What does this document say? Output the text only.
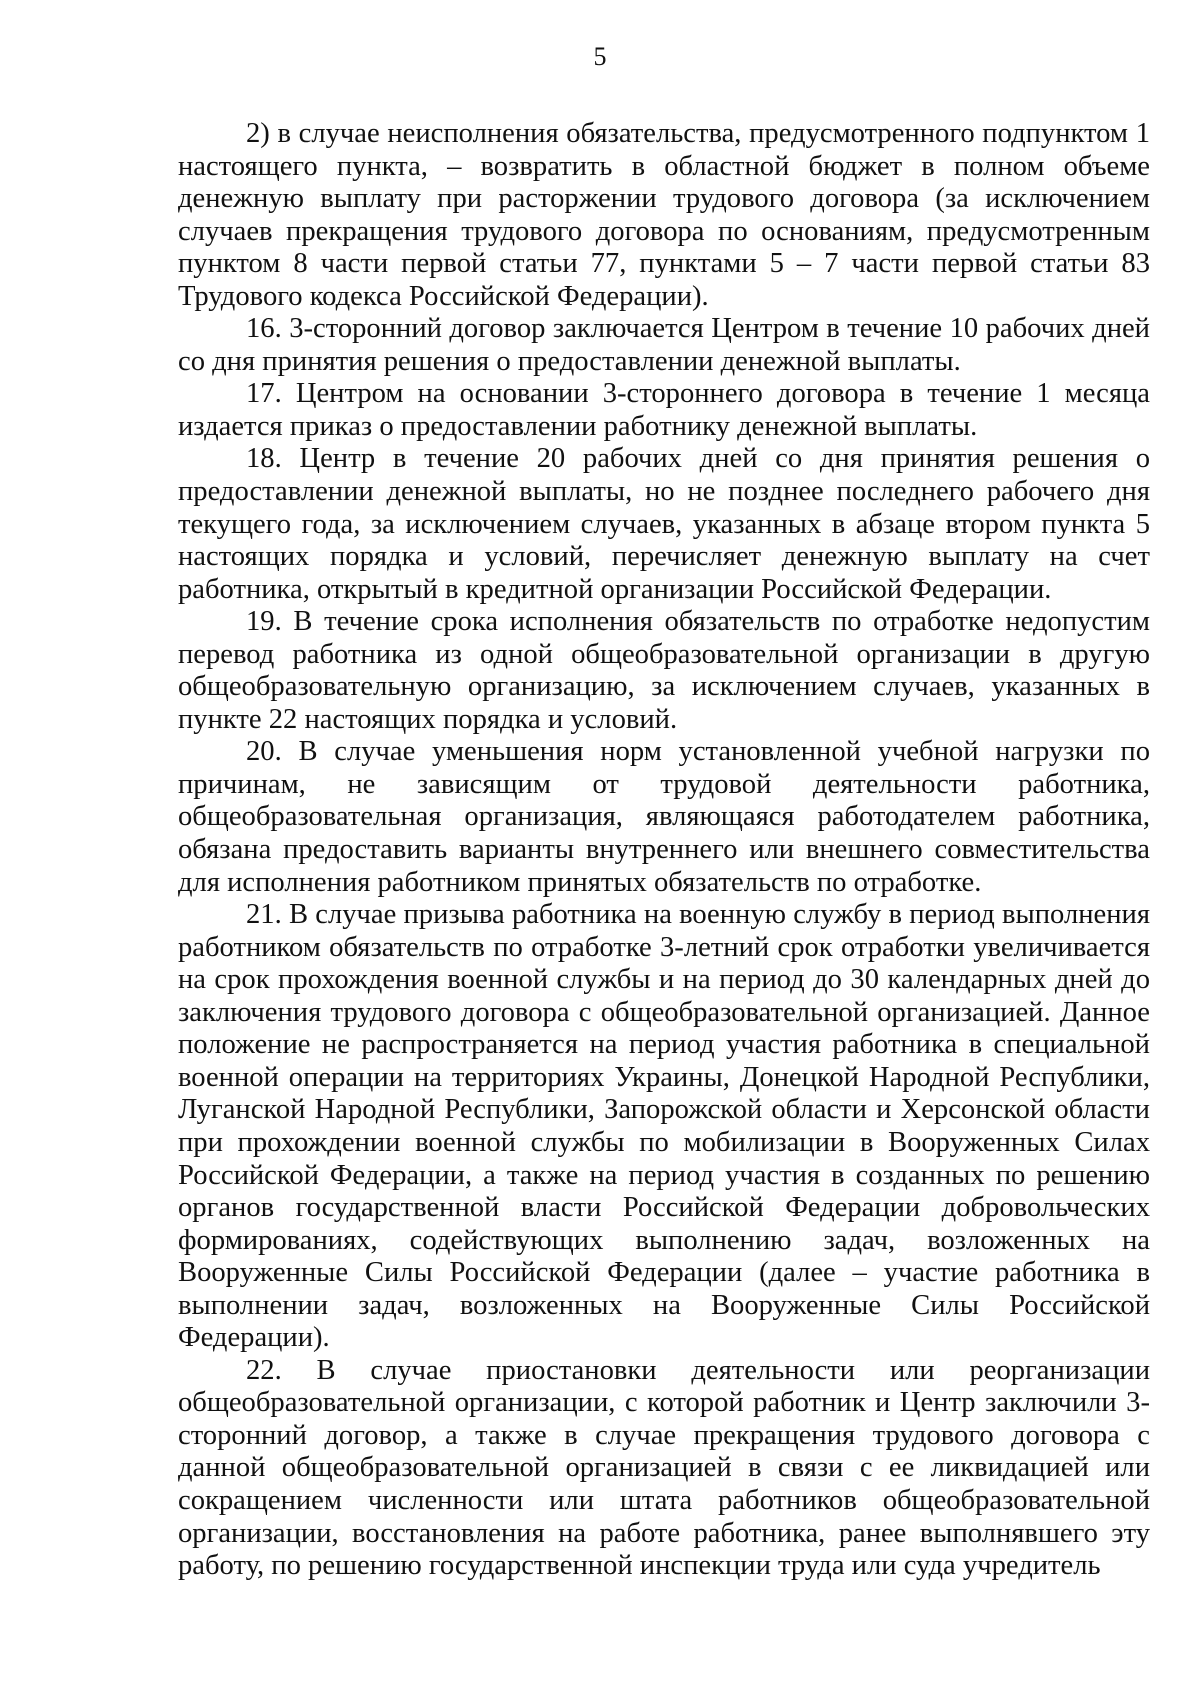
5

2) в случае неисполнения обязательства, предусмотренного подпунктом 1 настоящего пункта, – возвратить в областной бюджет в полном объеме денежную выплату при расторжении трудового договора (за исключением случаев прекращения трудового договора по основаниям, предусмотренным пунктом 8 части первой статьи 77, пунктами 5 – 7 части первой статьи 83 Трудового кодекса Российской Федерации).

16. 3-сторонний договор заключается Центром в течение 10 рабочих дней со дня принятия решения о предоставлении денежной выплаты.

17. Центром на основании 3-стороннего договора в течение 1 месяца издается приказ о предоставлении работнику денежной выплаты.

18. Центр в течение 20 рабочих дней со дня принятия решения о предоставлении денежной выплаты, но не позднее последнего рабочего дня текущего года, за исключением случаев, указанных в абзаце втором пункта 5 настоящих порядка и условий, перечисляет денежную выплату на счет работника, открытый в кредитной организации Российской Федерации.

19. В течение срока исполнения обязательств по отработке недопустим перевод работника из одной общеобразовательной организации в другую общеобразовательную организацию, за исключением случаев, указанных в пункте 22 настоящих порядка и условий.

20. В случае уменьшения норм установленной учебной нагрузки по причинам, не зависящим от трудовой деятельности работника, общеобразовательная организация, являющаяся работодателем работника, обязана предоставить варианты внутреннего или внешнего совместительства для исполнения работником принятых обязательств по отработке.

21. В случае призыва работника на военную службу в период выполнения работником обязательств по отработке 3-летний срок отработки увеличивается на срок прохождения военной службы и на период до 30 календарных дней до заключения трудового договора с общеобразовательной организацией. Данное положение не распространяется на период участия работника в специальной военной операции на территориях Украины, Донецкой Народной Республики, Луганской Народной Республики, Запорожской области и Херсонской области при прохождении военной службы по мобилизации в Вооруженных Силах Российской Федерации, а также на период участия в созданных по решению органов государственной власти Российской Федерации добровольческих формированиях, содействующих выполнению задач, возложенных на Вооруженные Силы Российской Федерации (далее – участие работника в выполнении задач, возложенных на Вооруженные Силы Российской Федерации).

22. В случае приостановки деятельности или реорганизации общеобразовательной организации, с которой работник и Центр заключили 3-сторонний договор, а также в случае прекращения трудового договора с данной общеобразовательной организацией в связи с ее ликвидацией или сокращением численности или штата работников общеобразовательной организации, восстановления на работе работника, ранее выполнявшего эту работу, по решению государственной инспекции труда или суда учредитель
